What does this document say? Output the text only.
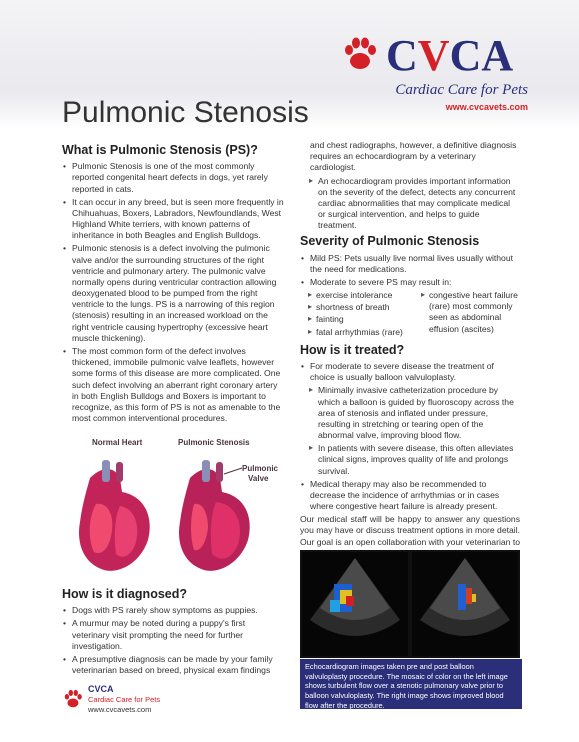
CVCA
Cardiac Care for Pets
www.cvcavets.com
Pulmonic Stenosis
What is Pulmonic Stenosis (PS)?
• Pulmonic Stenosis is one of the most commonly reported congenital heart defects in dogs, yet rarely reported in cats.
• It can occur in any breed, but is seen more frequently in Chihuahuas, Boxers, Labradors, Newfoundlands, West Highland White terriers, with known patterns of inheritance in both Beagles and English Bulldogs.
• Pulmonic stenosis is a defect involving the pulmonic valve and/or the surrounding structures of the right ventricle and pulmonary artery. The pulmonic valve normally opens during ventricular contraction allowing deoxygenated blood to be pumped from the right ventricle to the lungs. PS is a narrowing of this region (stenosis) resulting in an increased workload on the right ventricle causing hypertrophy (excessive heart muscle thickening).
• The most common form of the defect involves thickened, immobile pulmonic valve leaflets, however some forms of this disease are more complicated. One such defect involving an aberrant right coronary artery in both English Bulldogs and Boxers is important to recognize, as this form of PS is not as amenable to the most common interventional procedures.
Normal Heart	Pulmonic Stenosis
Pulmonic
Valve
How is it diagnosed?
• Dogs with PS rarely show symptoms as puppies.
• A murmur may be noted during a puppy's first veterinary visit prompting the need for further investigation.
• A presumptive diagnosis can be made by your family veterinarian based on breed, physical exam findings
and chest radiographs, however, a definitive diagnosis requires an echocardiogram by a veterinary cardiologist.
▸ An echocardiogram provides important information on the severity of the defect, detects any concurrent cardiac abnormalities that may complicate medical or surgical intervention, and helps to guide treatment.
Severity of Pulmonic Stenosis
• Mild PS: Pets usually live normal lives usually without the need for medications.
• Moderate to severe PS may result in:
▸ exercise intolerance
▸ shortness of breath
▸ fainting
▸ fatal arrhythmias (rare)
▸ congestive heart failure (rare) most commonly seen as abdominal effusion (ascites)
How is it treated?
• For moderate to severe disease the treatment of choice is usually balloon valvuloplasty.
▸ Minimally invasive catheterization procedure by which a balloon is guided by fluoroscopy across the area of stenosis and inflated under pressure, resulting in stretching or tearing open of the abnormal valve, improving blood flow.
▸ In patients with severe disease, this often alleviates clinical signs, improves quality of life and prolongs survival.
• Medical therapy may also be recommended to decrease the incidence of arrhythmias or in cases where congestive heart failure is already present.

Our medical staff will be happy to answer any questions you may have or discuss treatment options in more detail. Our goal is an open collaboration with your veterinarian to

Echocardiogram images taken pre and post balloon valvuloplasty procedure. The mosaic of color on the left image shows turbulent flow over a stenotic pulmonary valve prior to balloon valvuloplasty. The right image shows improved blood flow after the procedure.
CVCA
Cardiac Care for Pets
www.cvcavets.com
